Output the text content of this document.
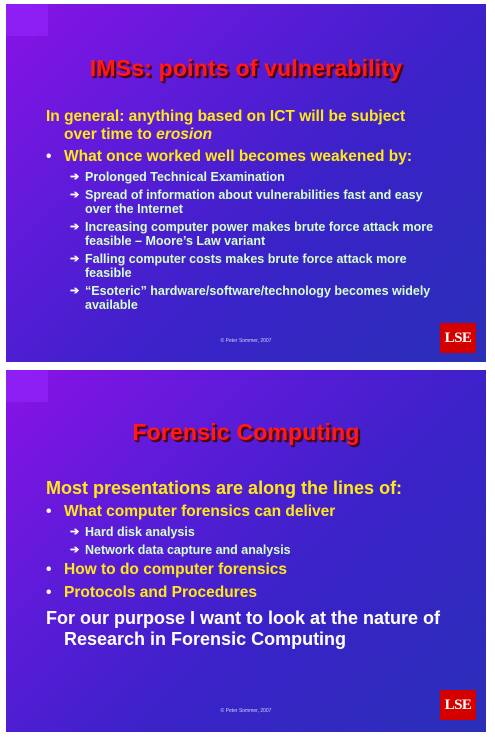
IMSs: points of vulnerability

In general: anything based on ICT will be subject
over time to erosion

• What once worked well becomes weakened by:
➔ Prolonged Technical Examination
➔ Spread of information about vulnerabilities fast and easy over the Internet
➔ Increasing computer power makes brute force attack more feasible – Moore’s Law variant
➔ Falling computer costs makes brute force attack more feasible
➔ “Esoteric” hardware/software/technology becomes widely available
© Peter Sommer, 2007	LSE
Forensic Computing

Most presentations are along the lines of:

• What computer forensics can deliver
➔ Hard disk analysis
➔ Network data capture and analysis
• How to do computer forensics
• Protocols and Procedures

For our purpose I want to look at the nature of Research in Forensic Computing

© Peter Sommer, 2007	LSE
